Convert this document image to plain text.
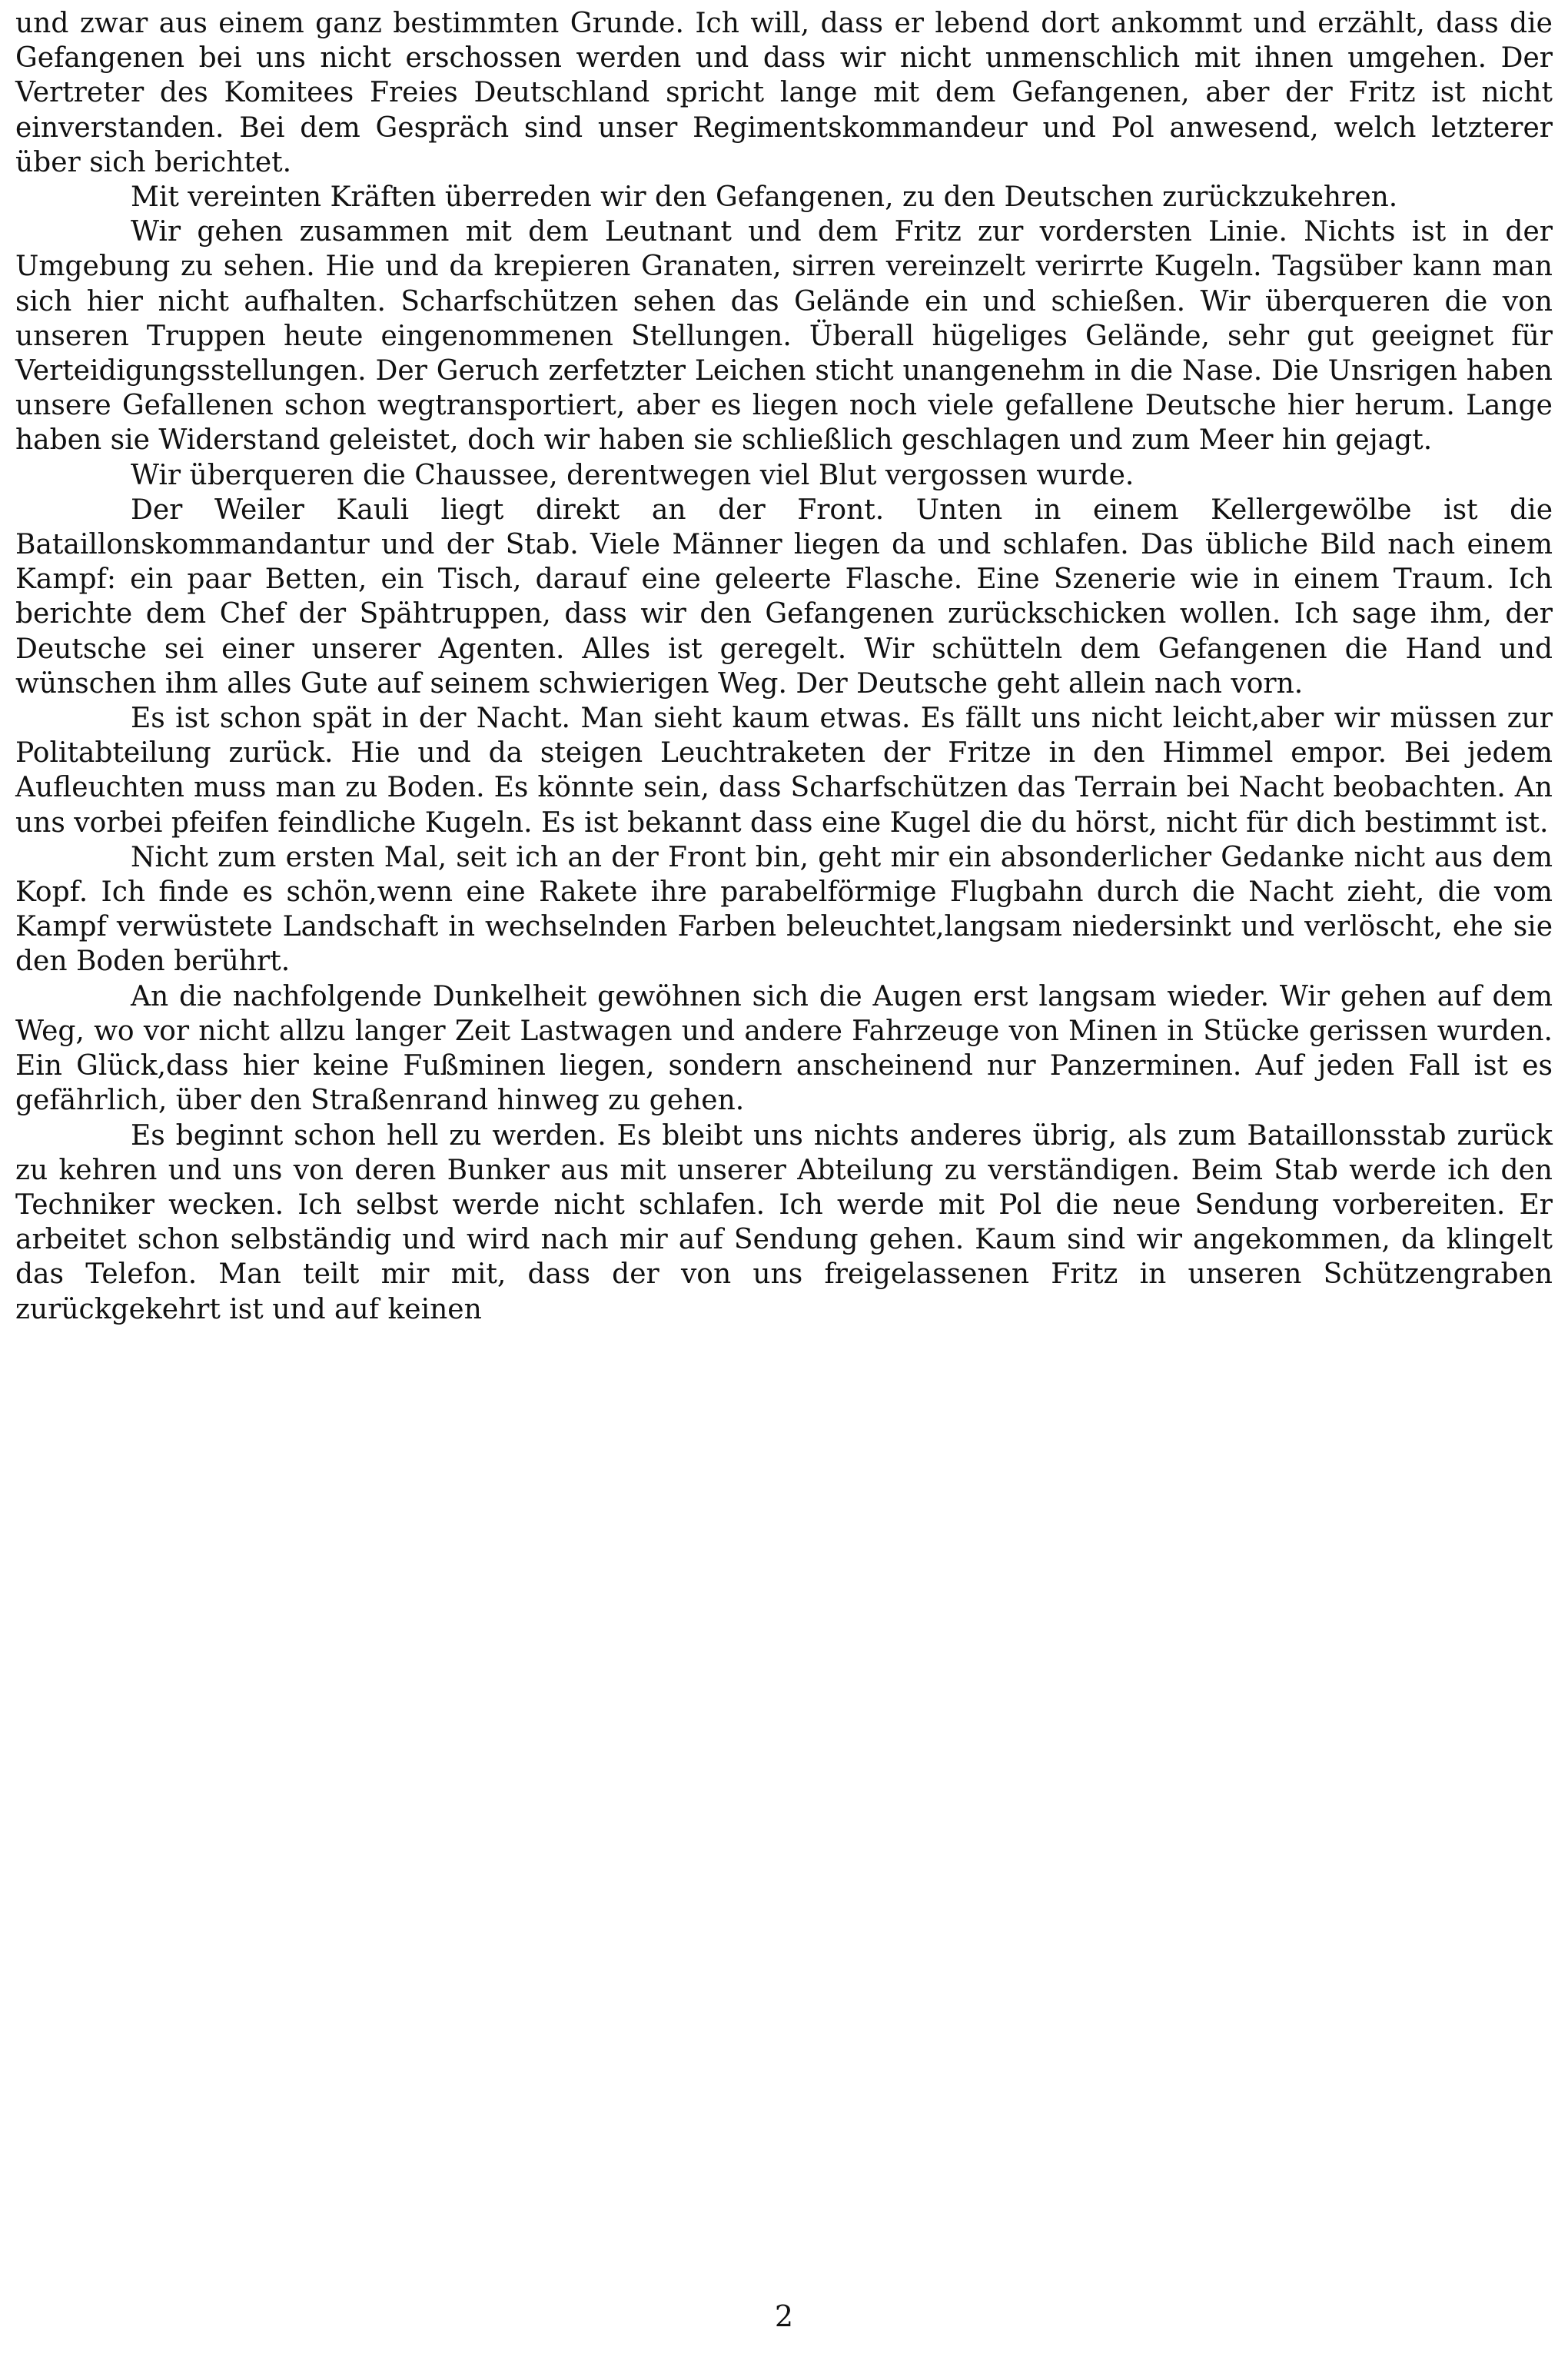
und zwar aus einem ganz bestimmten Grunde. Ich will, dass er lebend dort ankommt und erzählt, dass die Gefangenen bei uns nicht erschossen werden und dass wir nicht unmenschlich mit ihnen umgehen. Der Vertreter des Komitees Freies Deutschland spricht lange mit dem Gefangenen, aber der Fritz ist nicht einverstanden. Bei dem Gespräch sind unser Regimentskommandeur und Pol anwesend, welch letzterer über sich berichtet.

Mit vereinten Kräften überreden wir den Gefangenen, zu den Deutschen zurückzukehren.

Wir gehen zusammen mit dem Leutnant und dem Fritz zur vordersten Linie. Nichts ist in der Umgebung zu sehen. Hie und da krepieren Granaten, sirren vereinzelt verirrte Kugeln. Tagsüber kann man sich hier nicht aufhalten. Scharfschützen sehen das Gelände ein und schießen. Wir überqueren die von unseren Truppen heute eingenommenen Stellungen. Überall hügeliges Gelände, sehr gut geeignet für Verteidigungsstellungen. Der Geruch zerfetzter Leichen sticht unangenehm in die Nase. Die Unsrigen haben unsere Gefallenen schon wegtransportiert, aber es liegen noch viele gefallene Deutsche hier herum. Lange haben sie Widerstand geleistet, doch wir haben sie schließlich geschlagen und zum Meer hin gejagt.

Wir überqueren die Chaussee, derentwegen viel Blut vergossen wurde.

Der Weiler Kauli liegt direkt an der Front. Unten in einem Kellergewölbe ist die Bataillonskommandantur und der Stab. Viele Männer liegen da und schlafen. Das übliche Bild nach einem Kampf: ein paar Betten, ein Tisch, darauf eine geleerte Flasche. Eine Szenerie wie in einem Traum. Ich berichte dem Chef der Spähtruppen, dass wir den Gefangenen zurückschicken wollen. Ich sage ihm, der Deutsche sei einer unserer Agenten. Alles ist geregelt. Wir schütteln dem Gefangenen die Hand und wünschen ihm alles Gute auf seinem schwierigen Weg. Der Deutsche geht allein nach vorn.

Es ist schon spät in der Nacht. Man sieht kaum etwas. Es fällt uns nicht leicht,aber wir müssen zur Politabteilung zurück. Hie und da steigen Leuchtraketen der Fritze in den Himmel empor. Bei jedem Aufleuchten muss man zu Boden. Es könnte sein, dass Scharfschützen das Terrain bei Nacht beobachten. An uns vorbei pfeifen feindliche Kugeln. Es ist bekannt dass eine Kugel die du hörst, nicht für dich bestimmt ist.

Nicht zum ersten Mal, seit ich an der Front bin, geht mir ein absonderlicher Gedanke nicht aus dem Kopf. Ich finde es schön,wenn eine Rakete ihre parabelförmige Flugbahn durch die Nacht zieht, die vom Kampf verwüstete Landschaft in wechselnden Farben beleuchtet,langsam niedersinkt und verlöscht, ehe sie den Boden berührt.

An die nachfolgende Dunkelheit gewöhnen sich die Augen erst langsam wieder. Wir gehen auf dem Weg, wo vor nicht allzu langer Zeit Lastwagen und andere Fahrzeuge von Minen in Stücke gerissen wurden. Ein Glück,dass hier keine Fußminen liegen, sondern anscheinend nur Panzerminen. Auf jeden Fall ist es gefährlich, über den Straßenrand hinweg zu gehen.

Es beginnt schon hell zu werden. Es bleibt uns nichts anderes übrig, als zum Bataillonsstab zurück zu kehren und uns von deren Bunker aus mit unserer Abteilung zu verständigen. Beim Stab werde ich den Techniker wecken. Ich selbst werde nicht schlafen. Ich werde mit Pol die neue Sendung vorbereiten. Er arbeitet schon selbständig und wird nach mir auf Sendung gehen. Kaum sind wir angekommen, da klingelt das Telefon. Man teilt mir mit, dass der von uns freigelassenen Fritz in unseren Schützengraben zurückgekehrt ist und auf keinen

2
